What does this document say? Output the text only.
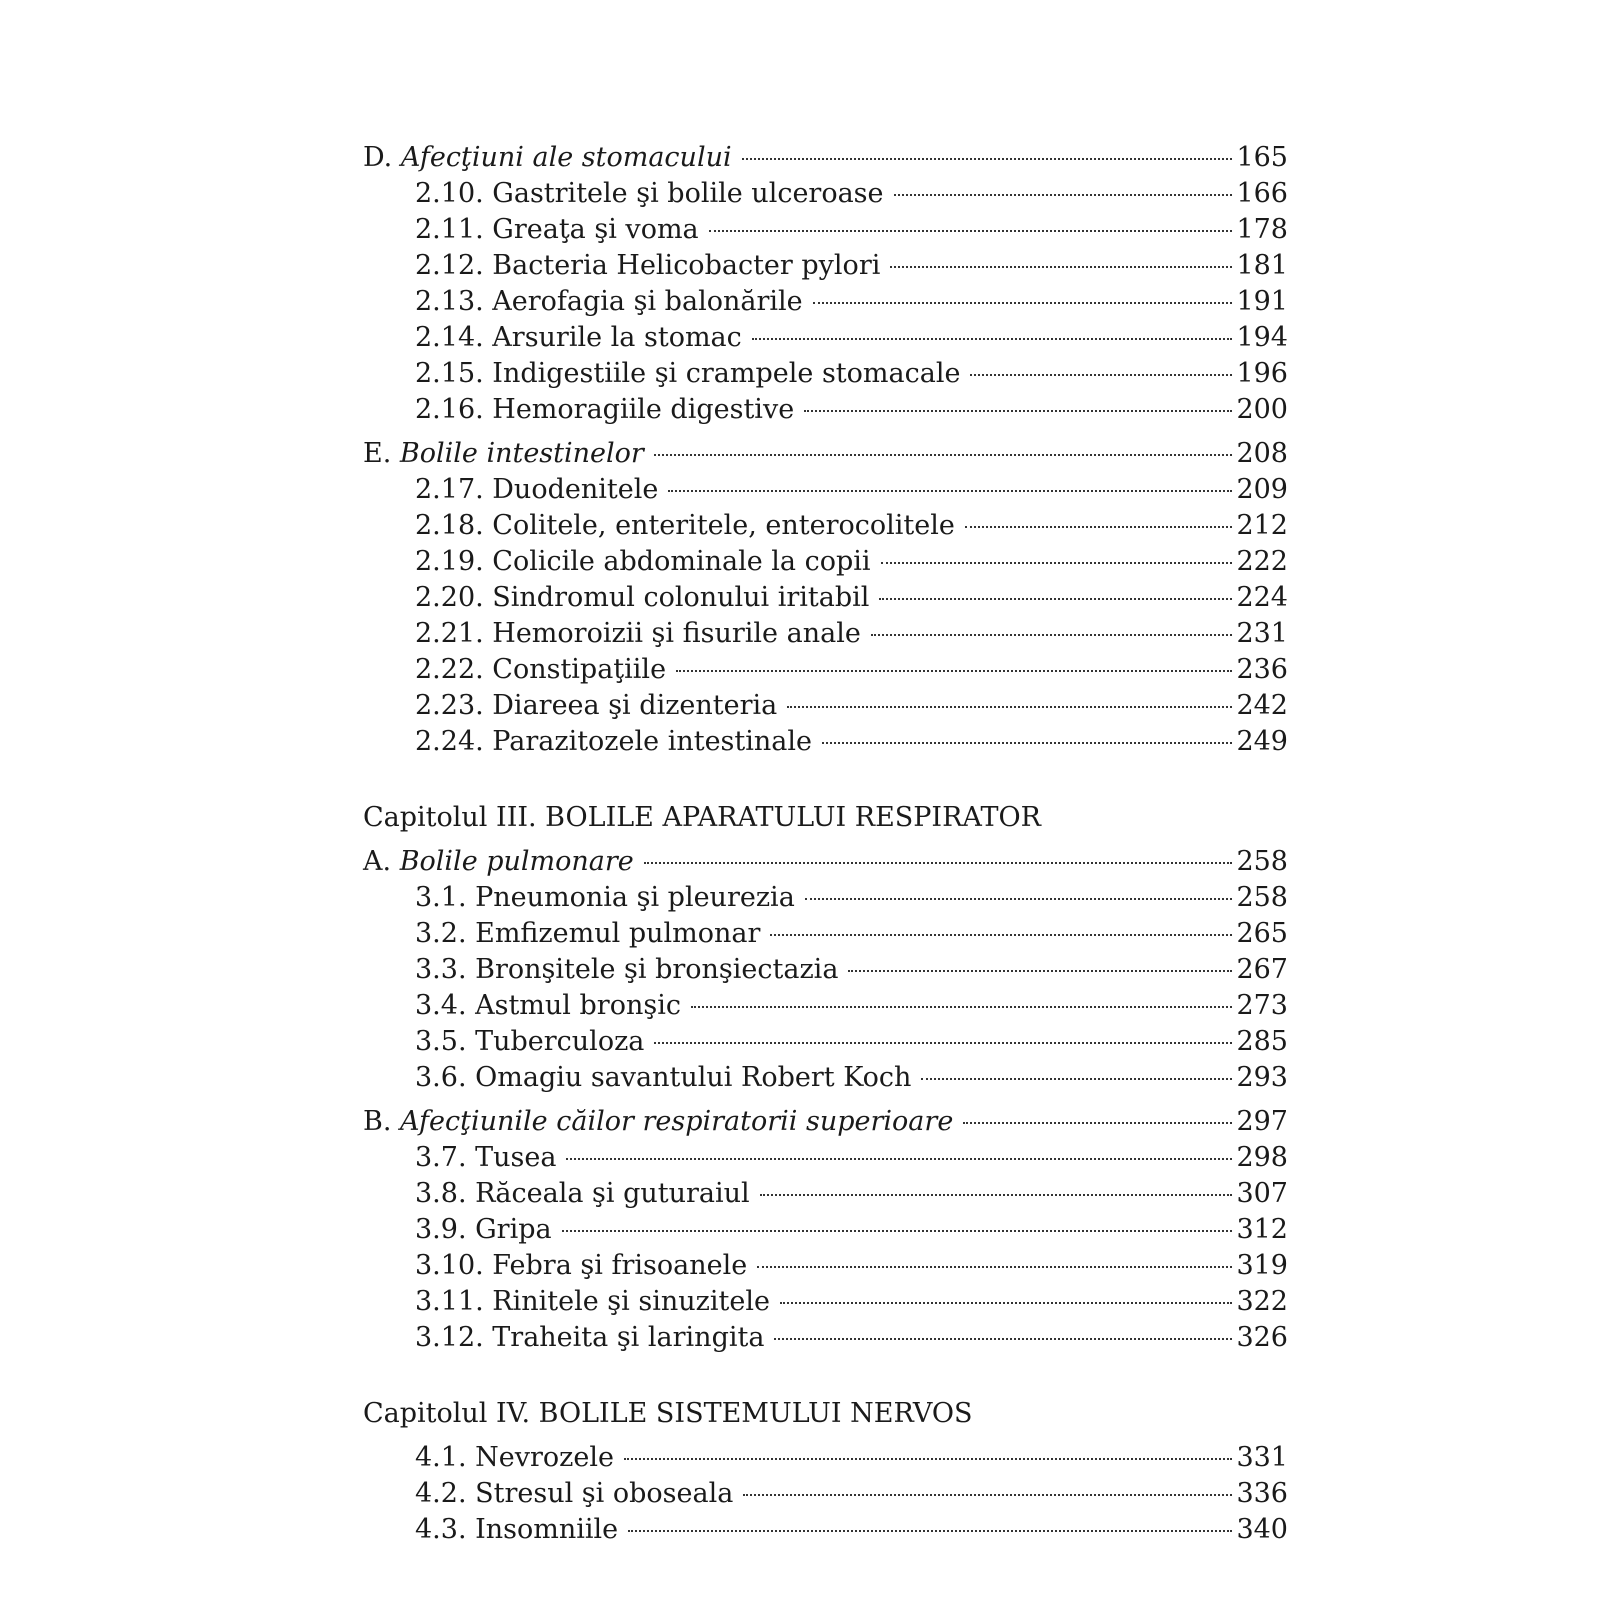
D. Afecţiuni ale stomacului	165
2.10. Gastritele şi bolile ulceroase	166
2.11. Greaţa şi voma	178
2.12. Bacteria Helicobacter pylori	181
2.13. Aerofagia şi balonările	191
2.14. Arsurile la stomac	194
2.15. Indigestiile şi crampele stomacale	196
2.16. Hemoragiile digestive	200
E. Bolile intestinelor	208
2.17. Duodenitele	209
2.18. Colitele, enteritele, enterocolitele	212
2.19. Colicile abdominale la copii	222
2.20. Sindromul colonului iritabil	224
2.21. Hemoroizii şi fisurile anale	231
2.22. Constipaţiile	236
2.23. Diareea şi dizenteria	242
2.24. Parazitozele intestinale	249
Capitolul III. BOLILE APARATULUI RESPIRATOR
A. Bolile pulmonare	258
3.1. Pneumonia şi pleurezia	258
3.2. Emfizemul pulmonar	265
3.3. Bronşitele şi bronşiectazia	267
3.4. Astmul bronşic	273
3.5. Tuberculoza	285
3.6. Omagiu savantului Robert Koch	293
B. Afecţiunile căilor respiratorii superioare	297
3.7. Tusea	298
3.8. Răceala şi guturaiul	307
3.9. Gripa	312
3.10. Febra şi frisoanele	319
3.11. Rinitele şi sinuzitele	322
3.12. Traheita şi laringita	326
Capitolul IV. BOLILE SISTEMULUI NERVOS
4.1. Nevrozele	331
4.2. Stresul şi oboseala	336
4.3. Insomniile	340
